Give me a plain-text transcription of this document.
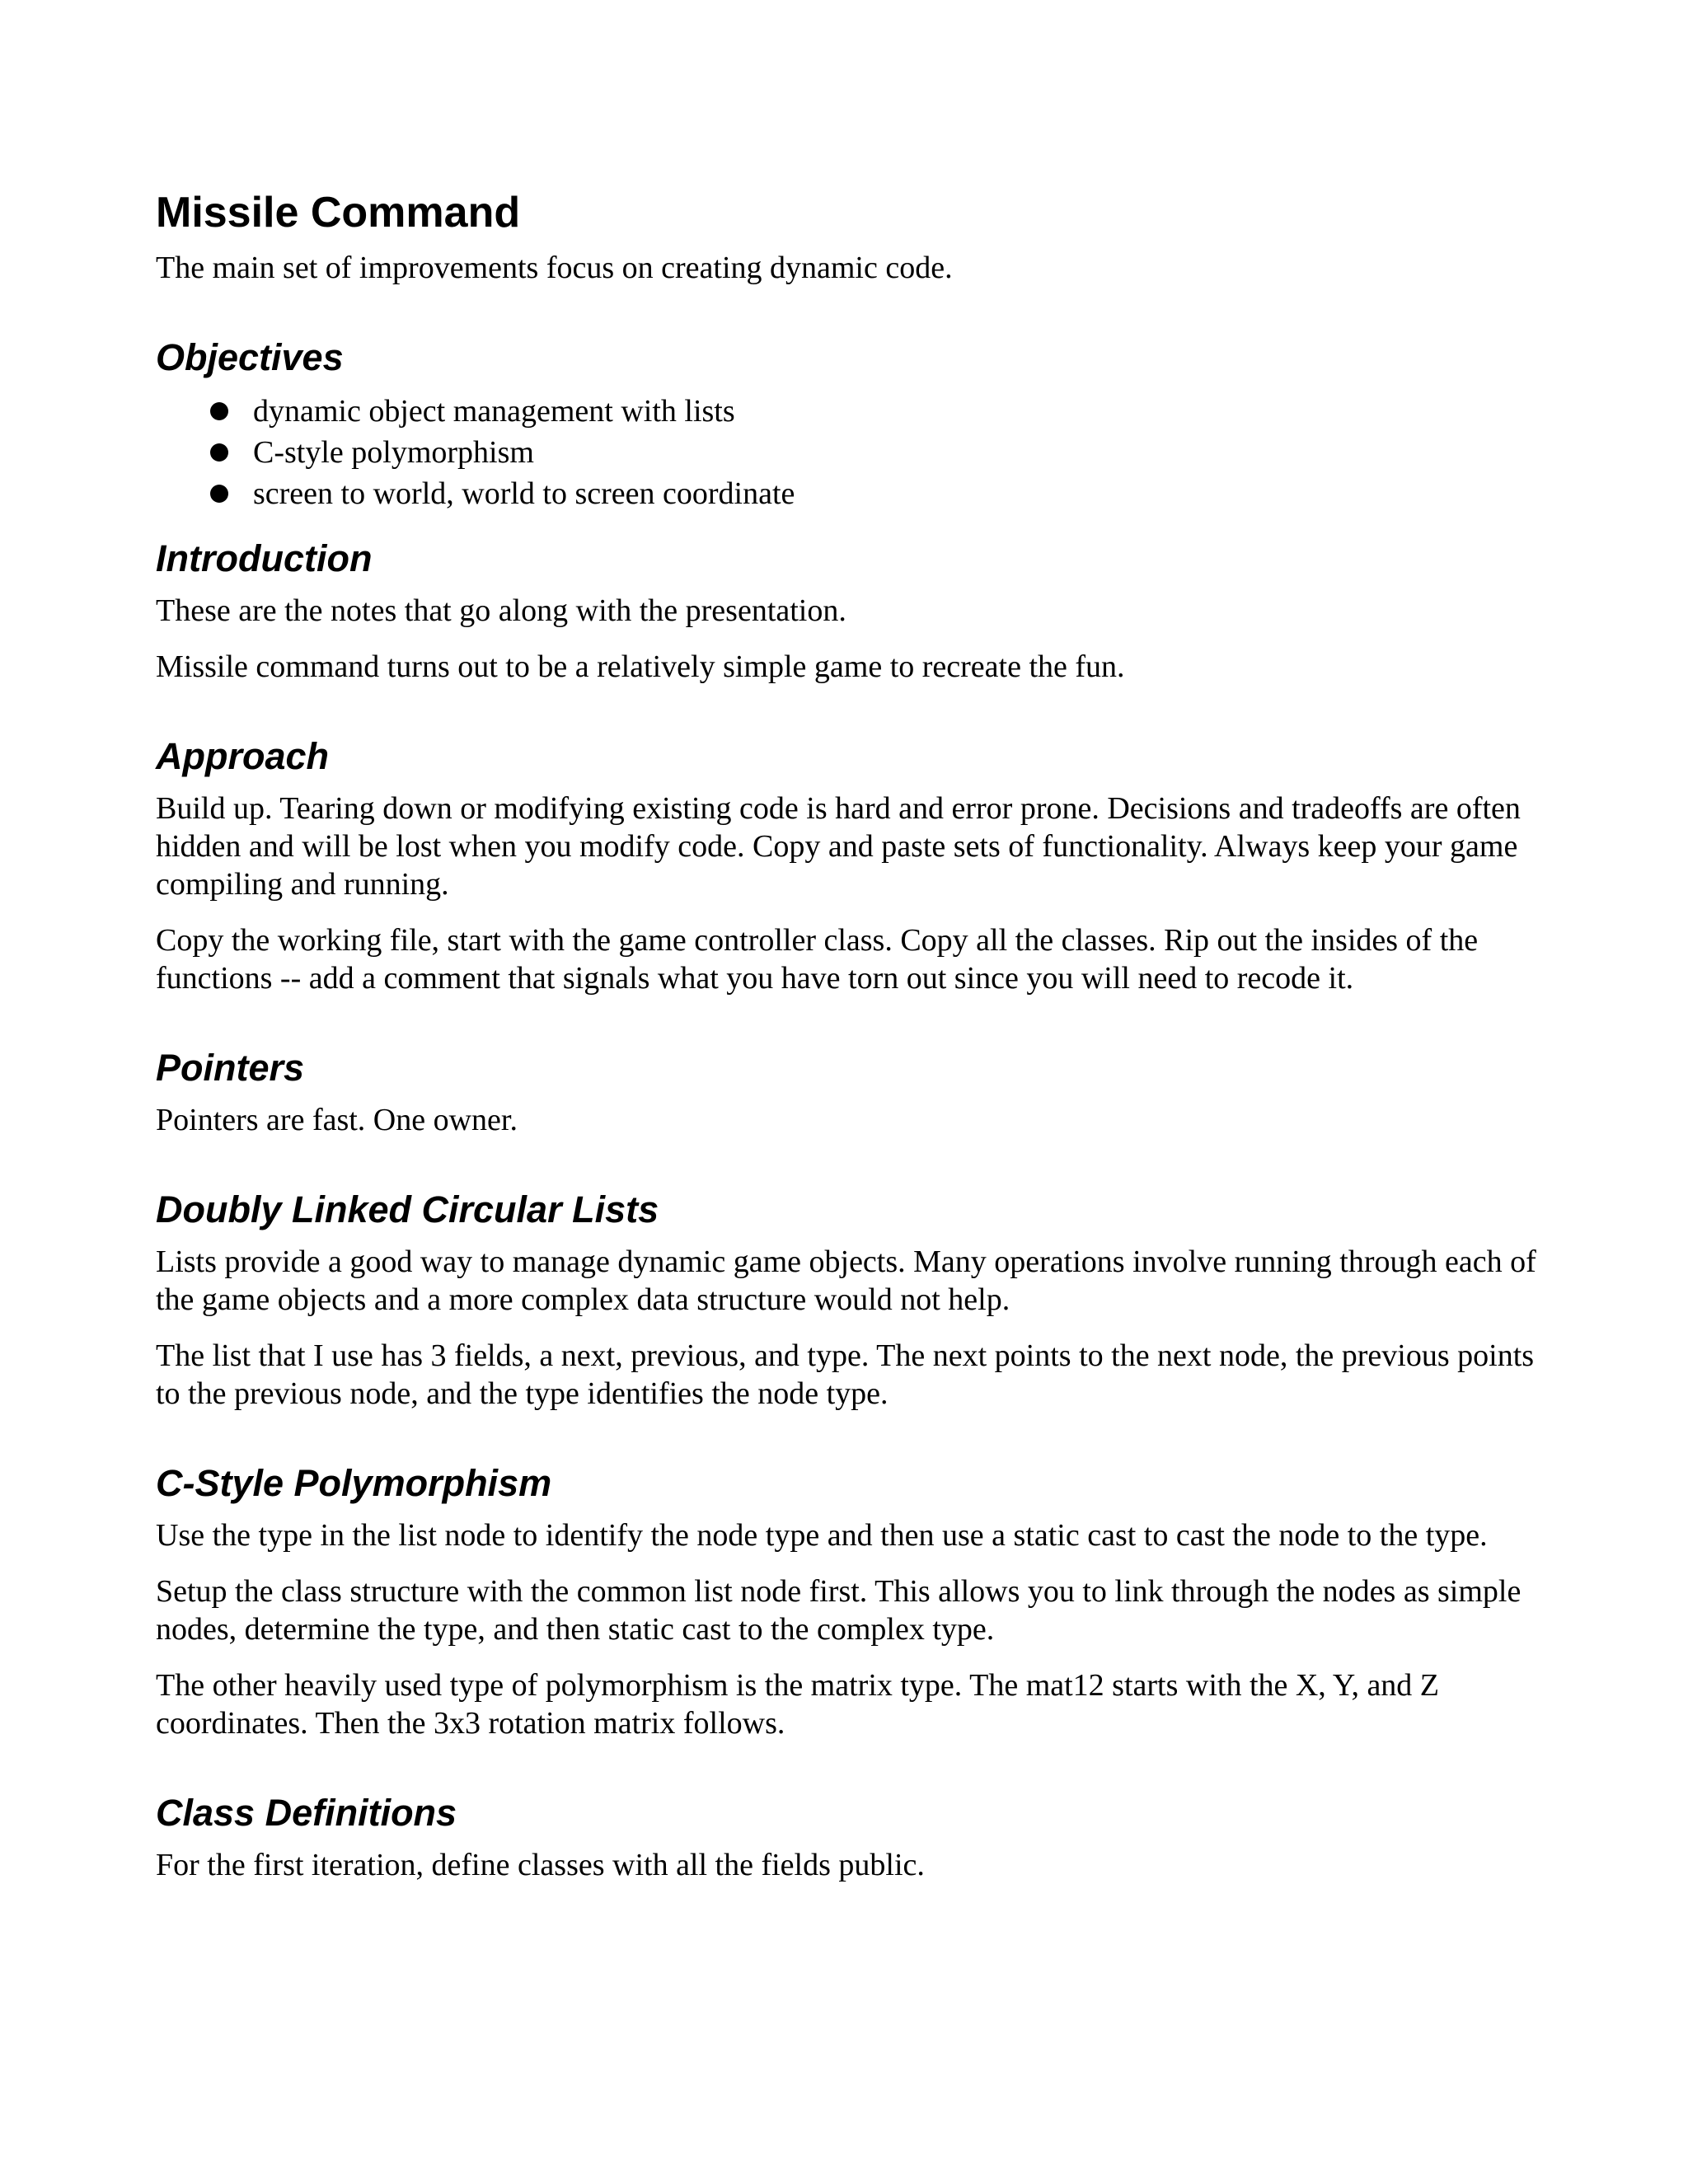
Missile Command

The main set of improvements focus on creating dynamic code.

Objectives
dynamic object management with lists
C-style polymorphism
screen to world, world to screen coordinate
Introduction

These are the notes that go along with the presentation.

Missile command turns out to be a relatively simple game to recreate the fun.

Approach

Build up. Tearing down or modifying existing code is hard and error prone. Decisions and tradeoffs are often hidden and will be lost when you modify code. Copy and paste sets of functionality. Always keep your game compiling and running.

Copy the working file, start with the game controller class. Copy all the classes. Rip out the insides of the functions -- add a comment that signals what you have torn out since you will need to recode it.

Pointers

Pointers are fast. One owner.

Doubly Linked Circular Lists

Lists provide a good way to manage dynamic game objects. Many operations involve running through each of the game objects and a more complex data structure would not help.

The list that I use has 3 fields, a next, previous, and type. The next points to the next node, the previous points to the previous node, and the type identifies the node type.

C-Style Polymorphism

Use the type in the list node to identify the node type and then use a static cast to cast the node to the type.

Setup the class structure with the common list node first. This allows you to link through the nodes as simple nodes, determine the type, and then static cast to the complex type.

The other heavily used type of polymorphism is the matrix type. The mat12 starts with the X, Y, and Z coordinates. Then the 3x3 rotation matrix follows.

Class Definitions

For the first iteration, define classes with all the fields public.
